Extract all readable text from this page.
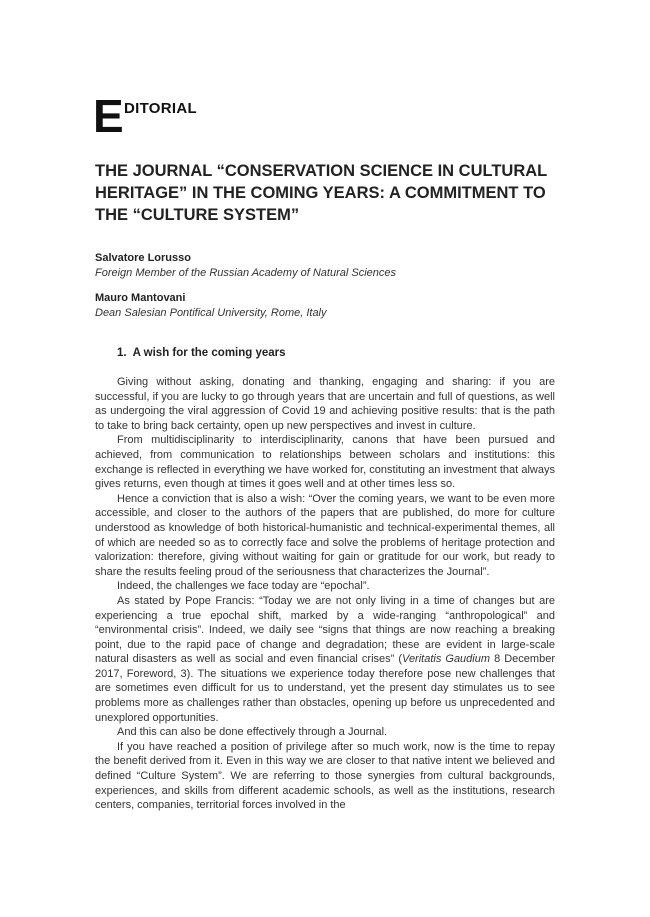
E DITORIAL
THE JOURNAL “CONSERVATION SCIENCE IN CULTURAL HERITAGE” IN THE COMING YEARS: A COMMITMENT TO THE “CULTURE SYSTEM”
Salvatore Lorusso
Foreign Member of the Russian Academy of Natural Sciences
Mauro Mantovani
Dean Salesian Pontifical University, Rome, Italy
1. A wish for the coming years

Giving without asking, donating and thanking, engaging and sharing: if you are successful, if you are lucky to go through years that are uncertain and full of questions, as well as undergoing the viral aggression of Covid 19 and achieving positive results: that is the path to take to bring back certainty, open up new perspectives and invest in culture.

From multidisciplinarity to interdisciplinarity, canons that have been pursued and achieved, from communication to relationships between scholars and institutions: this exchange is reflected in everything we have worked for, constituting an investment that always gives returns, even though at times it goes well and at other times less so.

Hence a conviction that is also a wish: “Over the coming years, we want to be even more accessible, and closer to the authors of the papers that are published, do more for culture understood as knowledge of both historical-humanistic and technical-experimental themes, all of which are needed so as to correctly face and solve the problems of heritage protection and valorization: therefore, giving without waiting for gain or gratitude for our work, but ready to share the results feeling proud of the seriousness that characterizes the Journal”.

Indeed, the challenges we face today are “epochal”.

As stated by Pope Francis: “Today we are not only living in a time of changes but are experiencing a true epochal shift, marked by a wide-ranging “anthropological” and “environmental crisis”. Indeed, we daily see “signs that things are now reaching a breaking point, due to the rapid pace of change and degradation; these are evident in large-scale natural disasters as well as social and even financial crises” (Veritatis Gaudium 8 December 2017, Foreword, 3). The situations we experience today therefore pose new challenges that are sometimes even difficult for us to understand, yet the present day stimulates us to see problems more as challenges rather than obstacles, opening up before us unprecedented and unexplored opportunities.

And this can also be done effectively through a Journal.

If you have reached a position of privilege after so much work, now is the time to repay the benefit derived from it. Even in this way we are closer to that native intent we believed and defined “Culture System”. We are referring to those synergies from cultural backgrounds, experiences, and skills from different academic schools, as well as the institutions, research centers, companies, territorial forces involved in the
